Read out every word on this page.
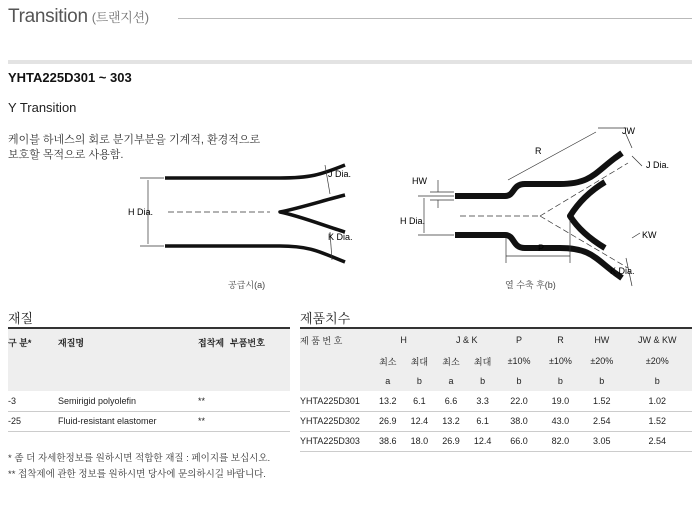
Transition (트랜지션)
YHTA225D301 ~ 303
Y Transition
케이블 하네스의 회로 분기부분을 기계적, 환경적으로
보호할 목적으로 사용함.
H Dia.
J Dia.
K Dia.
공급시(a)
HW
H Dia.
R
JW
J Dia.
P
KW
K Dia.
열 수축 후(b)
재질
구 분*	재질명	접착제	부품번호
-3	Semirigid polyolefin	**	
-25	Fluid-resistant elastomer	**	
제품치수
제 품 번 호	H		J & K		P	R	HW	JW & KW
	최소	최대	최소	최대	±10%	±10%	±20%	±20%
	a	b	a	b	b	b	b	b
YHTA225D301	13.2	6.1	6.6	3.3	22.0	19.0	1.52	1.02
YHTA225D302	26.9	12.4	13.2	6.1	38.0	43.0	2.54	1.52
YHTA225D303	38.6	18.0	26.9	12.4	66.0	82.0	3.05	2.54
* 좀 더 자세한정보를 원하시면 적합한 재질 : 페이지를 보십시오.
** 접착제에 관한 정보를 원하시면 당사에 문의하시길 바랍니다.
